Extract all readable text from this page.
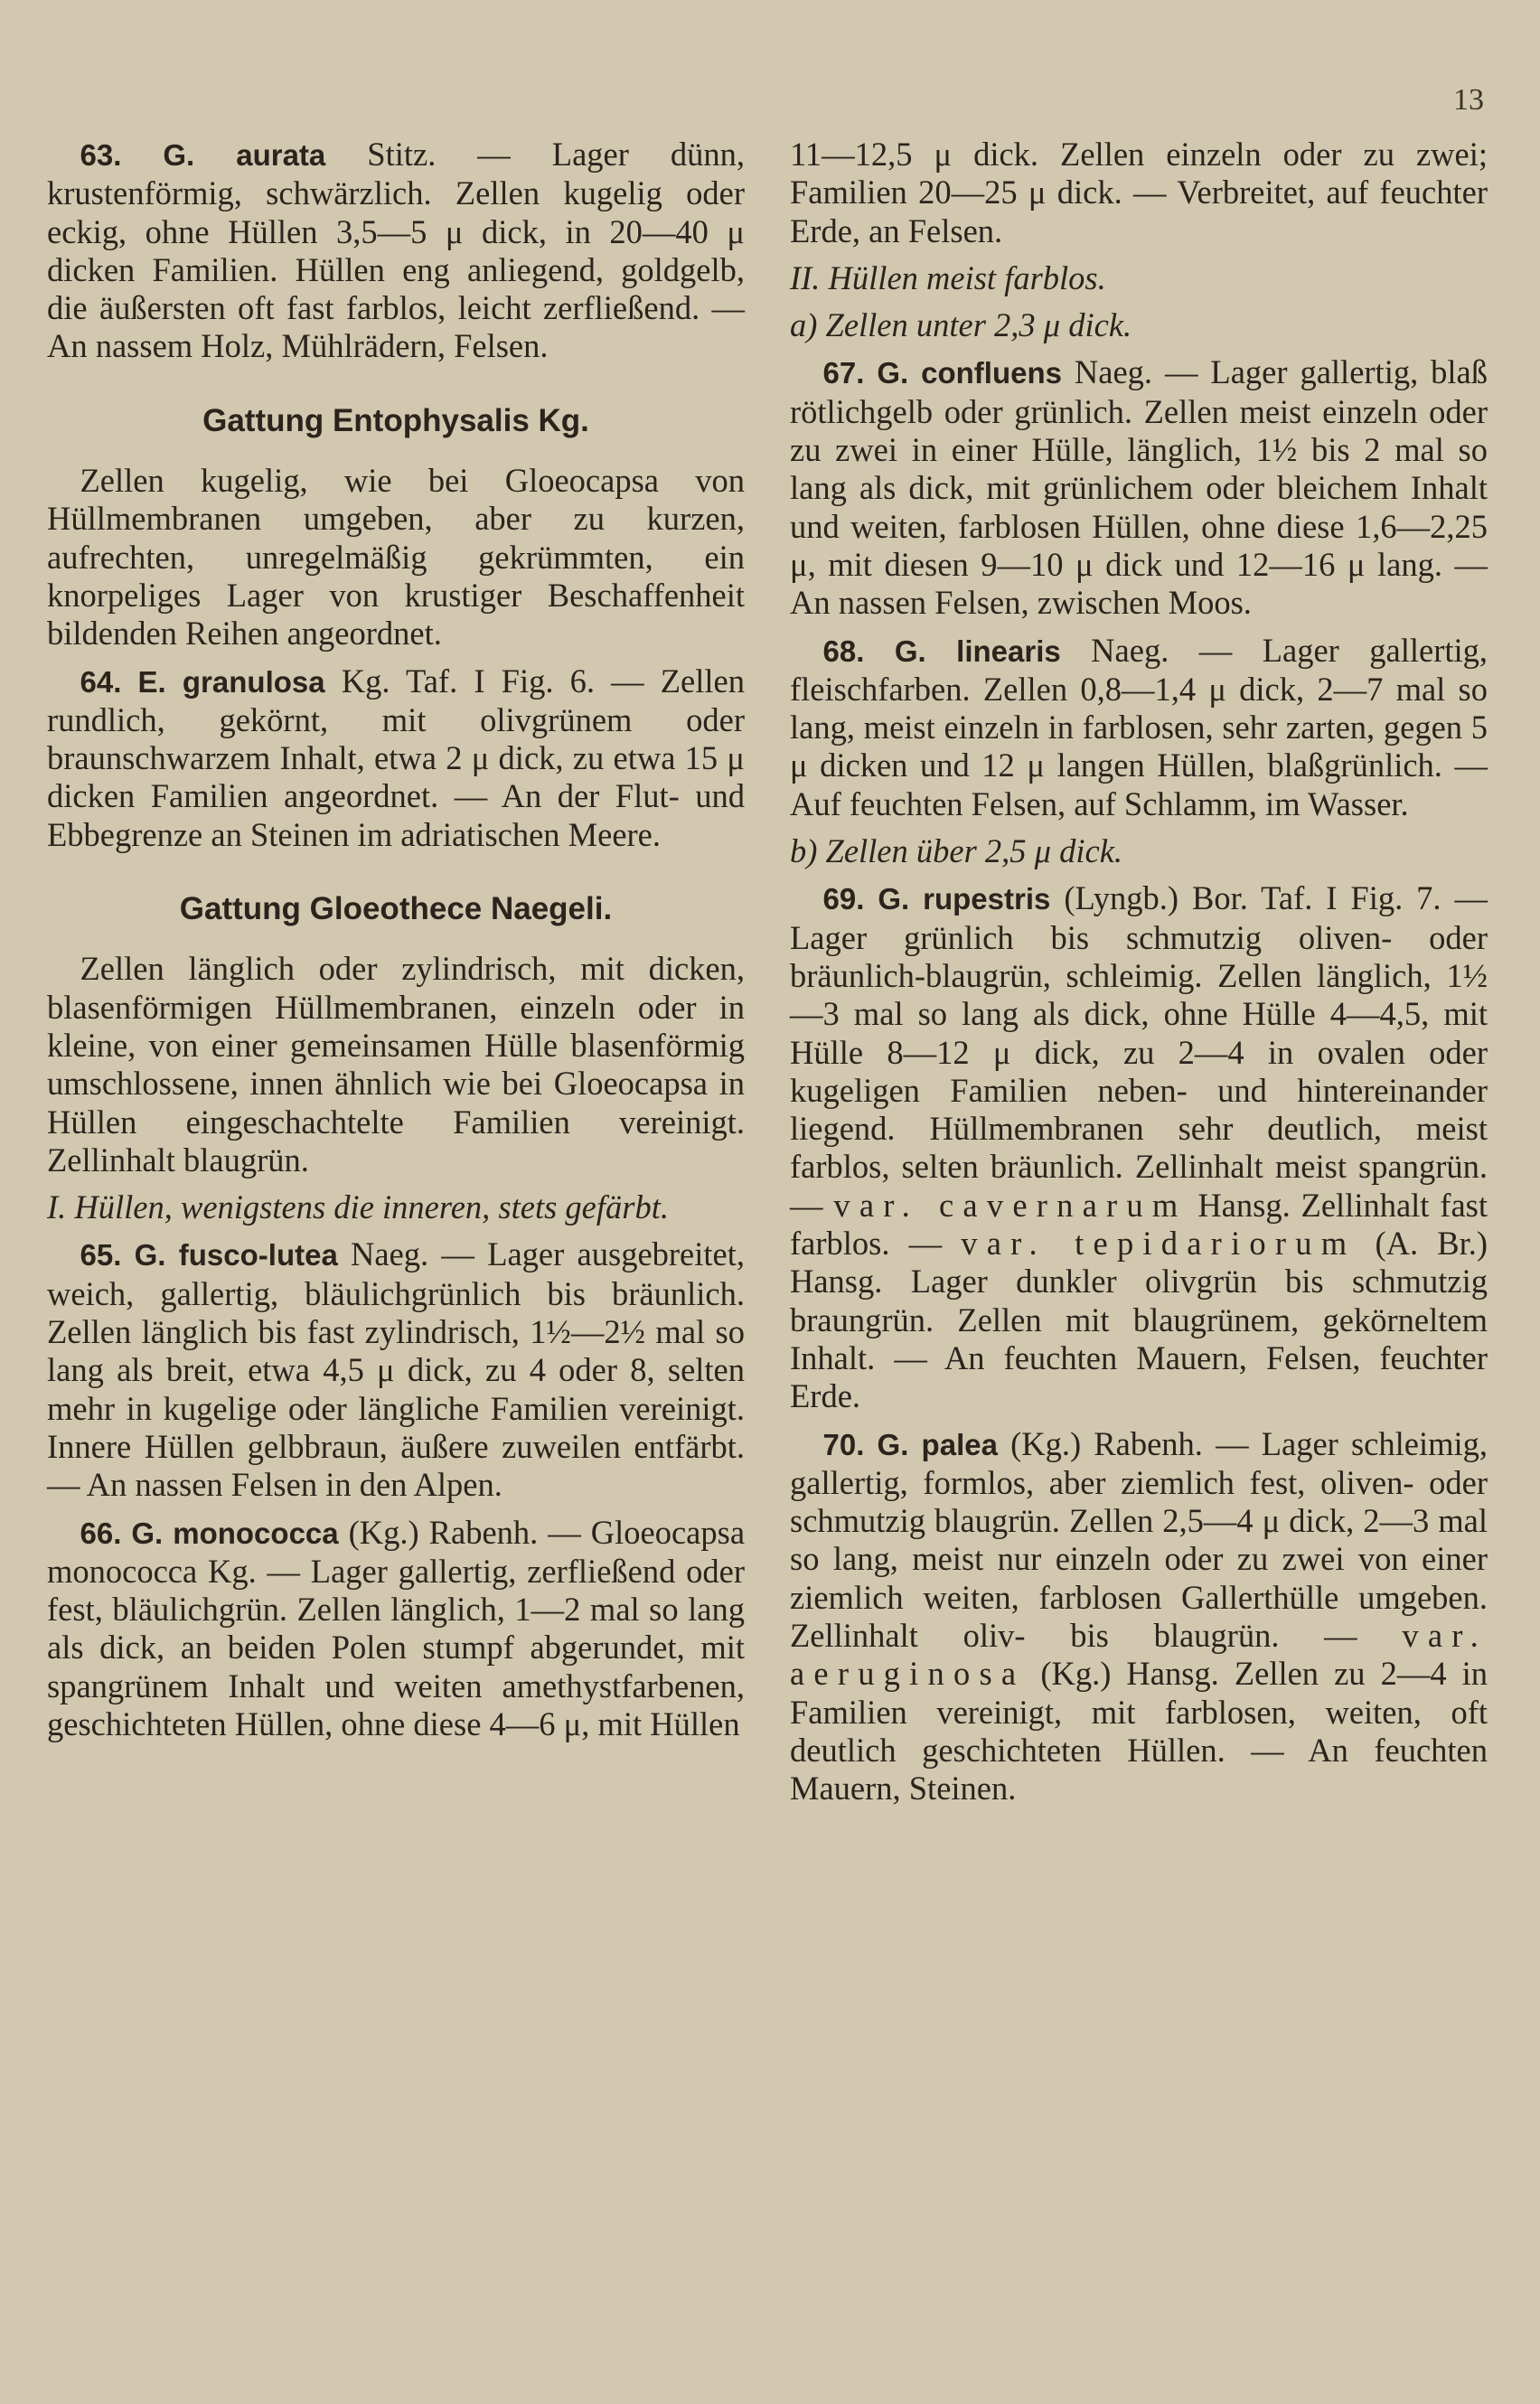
13

63. G. aurata Stitz. — Lager dünn, krustenförmig, schwärzlich. Zellen kugelig oder eckig, ohne Hüllen 3,5—5 μ dick, in 20—40 μ dicken Familien. Hüllen eng anliegend, goldgelb, die äußersten oft fast farblos, leicht zerfließend. — An nassem Holz, Mühlrädern, Felsen.

Gattung Entophysalis Kg.

Zellen kugelig, wie bei Gloeocapsa von Hüllmembranen umgeben, aber zu kurzen, aufrechten, unregelmäßig gekrümmten, ein knorpeliges Lager von krustiger Beschaffenheit bildenden Reihen angeordnet.

64. E. granulosa Kg. Taf. I Fig. 6. — Zellen rundlich, gekörnt, mit olivgrünem oder braunschwarzem Inhalt, etwa 2 μ dick, zu etwa 15 μ dicken Familien angeordnet. — An der Flut- und Ebbegrenze an Steinen im adriatischen Meere.

Gattung Gloeothece Naegeli.

Zellen länglich oder zylindrisch, mit dicken, blasenförmigen Hüllmembranen, einzeln oder in kleine, von einer gemeinsamen Hülle blasenförmig umschlossene, innen ähnlich wie bei Gloeocapsa in Hüllen eingeschachtelte Familien vereinigt. Zellinhalt blaugrün.

I. Hüllen, wenigstens die inneren, stets gefärbt.

65. G. fusco-lutea Naeg. — Lager ausgebreitet, weich, gallertig, bläulichgrünlich bis bräunlich. Zellen länglich bis fast zylindrisch, 1½—2½ mal so lang als breit, etwa 4,5 μ dick, zu 4 oder 8, selten mehr in kugelige oder längliche Familien vereinigt. Innere Hüllen gelbbraun, äußere zuweilen entfärbt. — An nassen Felsen in den Alpen.

66. G. monococca (Kg.) Rabenh. — Gloeocapsa monococca Kg. — Lager gallertig, zerfließend oder fest, bläulichgrün. Zellen länglich, 1—2 mal so lang als dick, an beiden Polen stumpf abgerundet, mit spangrünem Inhalt und weiten amethystfarbenen, geschichteten Hüllen, ohne diese 4—6 μ, mit Hüllen

11—12,5 μ dick. Zellen einzeln oder zu zwei; Familien 20—25 μ dick. — Verbreitet, auf feuchter Erde, an Felsen.

II. Hüllen meist farblos.

a) Zellen unter 2,3 μ dick.

67. G. confluens Naeg. — Lager gallertig, blaß rötlichgelb oder grünlich. Zellen meist einzeln oder zu zwei in einer Hülle, länglich, 1½ bis 2 mal so lang als dick, mit grünlichem oder bleichem Inhalt und weiten, farblosen Hüllen, ohne diese 1,6—2,25 μ, mit diesen 9—10 μ dick und 12—16 μ lang. — An nassen Felsen, zwischen Moos.

68. G. linearis Naeg. — Lager gallertig, fleischfarben. Zellen 0,8—1,4 μ dick, 2—7 mal so lang, meist einzeln in farblosen, sehr zarten, gegen 5 μ dicken und 12 μ langen Hüllen, blaßgrünlich. — Auf feuchten Felsen, auf Schlamm, im Wasser.

b) Zellen über 2,5 μ dick.

69. G. rupestris (Lyngb.) Bor. Taf. I Fig. 7. — Lager grünlich bis schmutzig oliven- oder bräunlich-blaugrün, schleimig. Zellen länglich, 1½—3 mal so lang als dick, ohne Hülle 4—4,5, mit Hülle 8—12 μ dick, zu 2—4 in ovalen oder kugeligen Familien neben- und hintereinander liegend. Hüllmembranen sehr deutlich, meist farblos, selten bräunlich. Zellinhalt meist spangrün. — var. cavernarum Hansg. Zellinhalt fast farblos. — var. tepidariorum (A. Br.) Hansg. Lager dunkler olivgrün bis schmutzig braungrün. Zellen mit blaugrünem, gekörneltem Inhalt. — An feuchten Mauern, Felsen, feuchter Erde.

70. G. palea (Kg.) Rabenh. — Lager schleimig, gallertig, formlos, aber ziemlich fest, oliven- oder schmutzig blaugrün. Zellen 2,5—4 μ dick, 2—3 mal so lang, meist nur einzeln oder zu zwei von einer ziemlich weiten, farblosen Gallerthülle umgeben. Zellinhalt oliv- bis blaugrün. — var. aeruginosa (Kg.) Hansg. Zellen zu 2—4 in Familien vereinigt, mit farblosen, weiten, oft deutlich geschichteten Hüllen. — An feuchten Mauern, Steinen.
